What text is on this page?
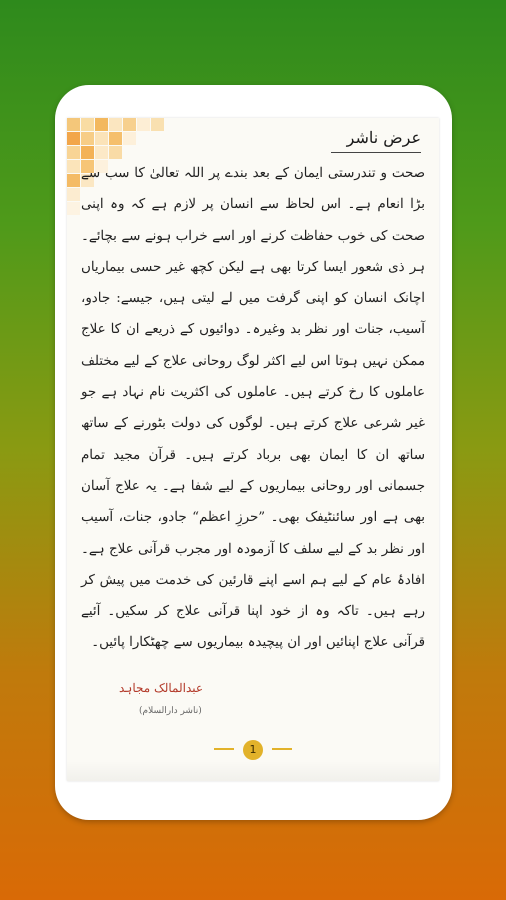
عرض ناشر

صحت و تندرستی ایمان کے بعد بندے پر اللہ تعالیٰ کا سب سے بڑا انعام ہے۔ اس لحاظ سے انسان پر لازم ہے کہ وہ اپنی صحت کی خوب حفاظت کرنے اور اسے خراب ہونے سے بچائے۔ ہر ذی شعور ایسا کرتا بھی ہے لیکن کچھ غیر حسی بیماریاں اچانک انسان کو اپنی گرفت میں لے لیتی ہیں، جیسے: جادو، آسیب، جنات اور نظر بد وغیرہ۔ دوائیوں کے ذریعے ان کا علاج ممکن نہیں ہوتا اس لیے اکثر لوگ روحانی علاج کے لیے مختلف عاملوں کا رخ کرتے ہیں۔ عاملوں کی اکثریت نام نہاد ہے جو غیر شرعی علاج کرتے ہیں۔ لوگوں کی دولت بٹورنے کے ساتھ ساتھ ان کا ایمان بھی برباد کرتے ہیں۔ قرآن مجید تمام جسمانی اور روحانی بیماریوں کے لیے شفا ہے۔ یہ علاج آسان بھی ہے اور سائنٹیفک بھی۔ ”حرزِ اعظم“ جادو، جنات، آسیب اور نظر بد کے لیے سلف کا آزمودہ اور مجرب قرآنی علاج ہے۔ افادۂ عام کے لیے ہم اسے اپنے قارئین کی خدمت میں پیش کر رہے ہیں۔ تاکہ وہ از خود اپنا قرآنی علاج کر سکیں۔ آئیے قرآنی علاج اپنائیں اور ان پیچیدہ بیماریوں سے چھٹکارا پائیں۔

عبدالمالک مجاہد
(ناشر دارالسلام)
1
